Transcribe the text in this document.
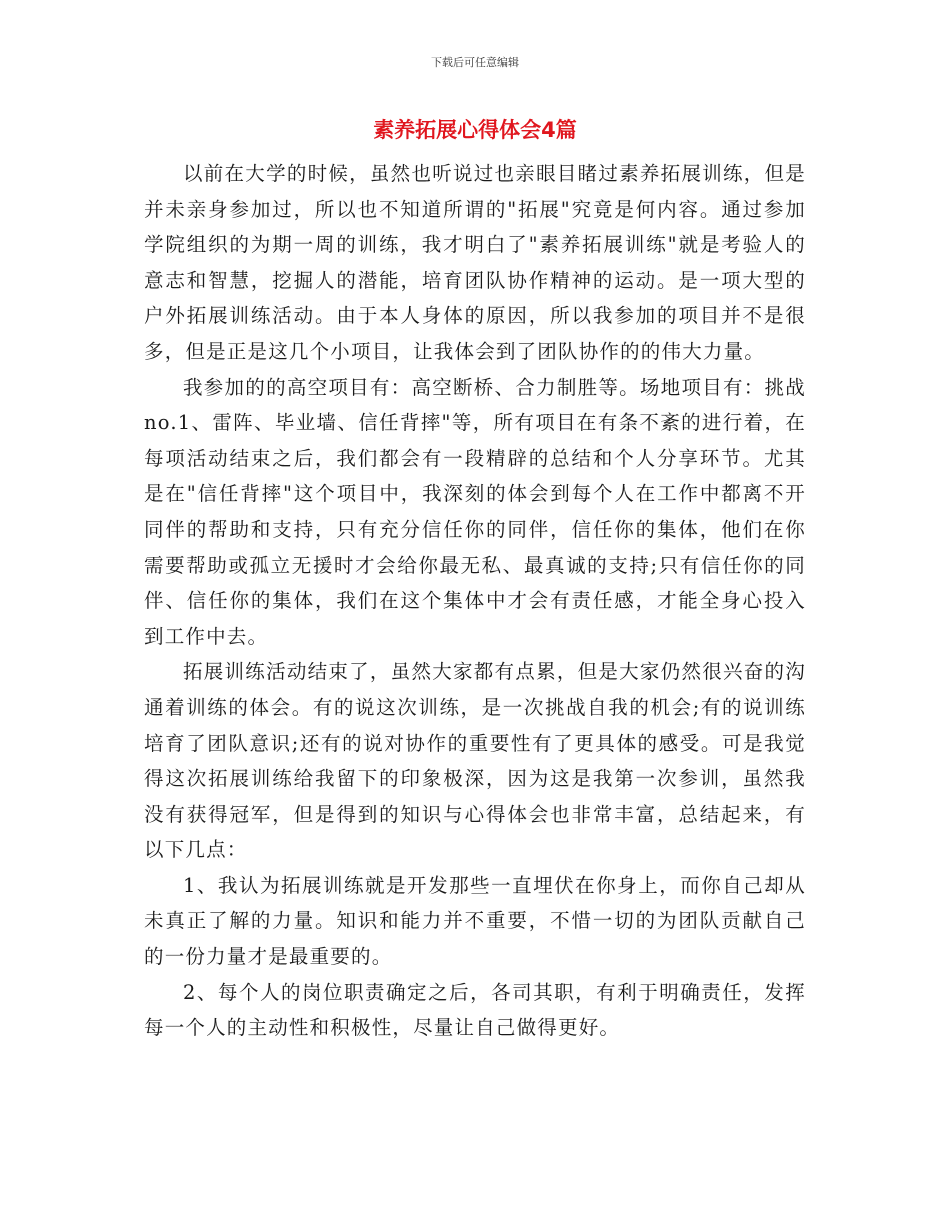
下载后可任意编辑
素养拓展心得体会4篇

以前在大学的时候，虽然也听说过也亲眼目睹过素养拓展训练，但是并未亲身参加过，所以也不知道所谓的"拓展"究竟是何内容。通过参加学院组织的为期一周的训练，我才明白了"素养拓展训练"就是考验人的意志和智慧，挖掘人的潜能，培育团队协作精神的运动。是一项大型的户外拓展训练活动。由于本人身体的原因，所以我参加的项目并不是很多，但是正是这几个小项目，让我体会到了团队协作的的伟大力量。

我参加的的高空项目有：高空断桥、合力制胜等。场地项目有：挑战no.1、雷阵、毕业墙、信任背摔"等，所有项目在有条不紊的进行着，在每项活动结束之后，我们都会有一段精辟的总结和个人分享环节。尤其是在"信任背摔"这个项目中，我深刻的体会到每个人在工作中都离不开同伴的帮助和支持，只有充分信任你的同伴，信任你的集体，他们在你需要帮助或孤立无援时才会给你最无私、最真诚的支持;只有信任你的同伴、信任你的集体，我们在这个集体中才会有责任感，才能全身心投入到工作中去。

拓展训练活动结束了，虽然大家都有点累，但是大家仍然很兴奋的沟通着训练的体会。有的说这次训练，是一次挑战自我的机会;有的说训练培育了团队意识;还有的说对协作的重要性有了更具体的感受。可是我觉得这次拓展训练给我留下的印象极深，因为这是我第一次参训，虽然我没有获得冠军，但是得到的知识与心得体会也非常丰富，总结起来，有以下几点：

1、我认为拓展训练就是开发那些一直埋伏在你身上，而你自己却从未真正了解的力量。知识和能力并不重要，不惜一切的为团队贡献自己的一份力量才是最重要的。

2、每个人的岗位职责确定之后，各司其职，有利于明确责任，发挥每一个人的主动性和积极性，尽量让自己做得更好。
